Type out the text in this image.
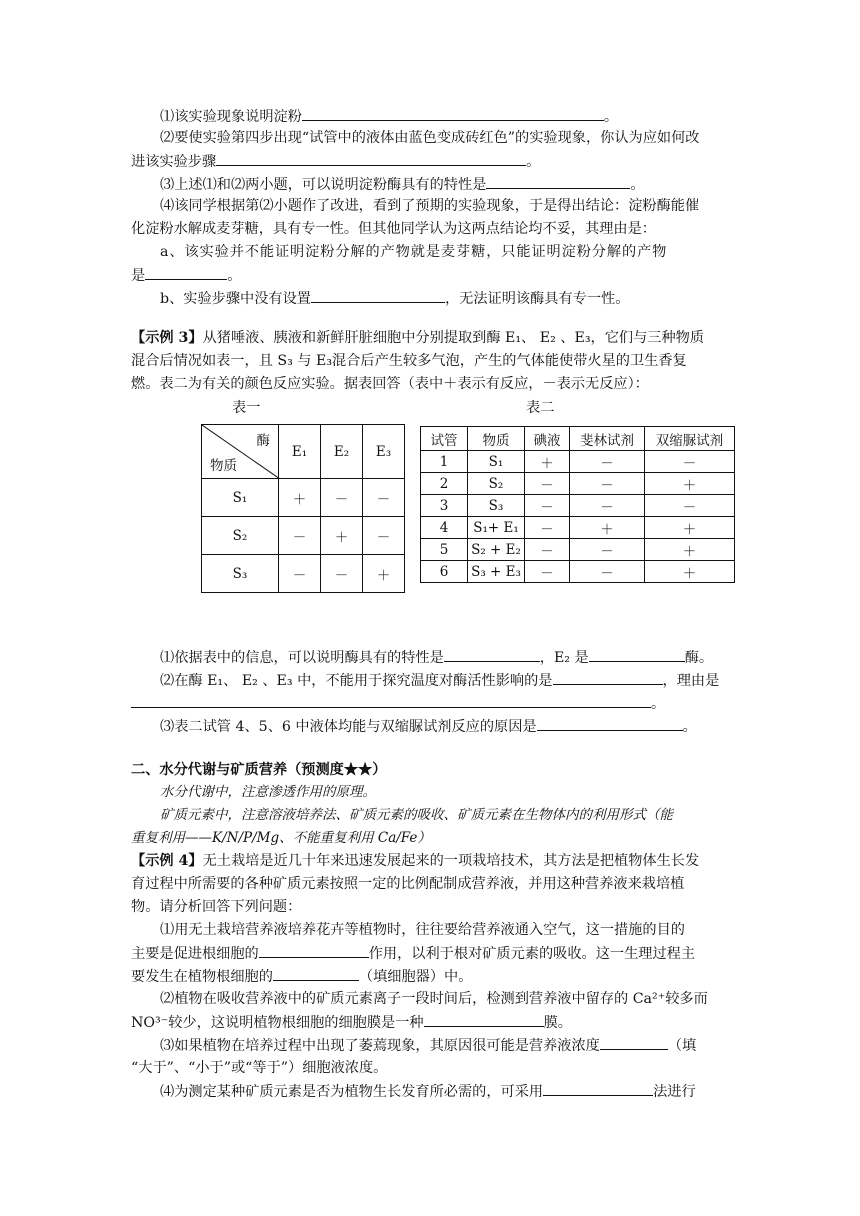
⑴该实验现象说明淀粉	。
⑵要使实验第四步出现“试管中的液体由蓝色变成砖红色”的实验现象，你认为应如何改
进该实验步骤	。
⑶上述⑴和⑵两小题，可以说明淀粉酶具有的特性是	。
⑷该同学根据第⑵小题作了改进，看到了预期的实验现象，于是得出结论：淀粉酶能催
化淀粉水解成麦芽糖，具有专一性。但其他同学认为这两点结论均不妥，其理由是：
a、该实验并不能证明淀粉分解的产物就是麦芽糖，只能证明淀粉分解的产物
是	。
b、实验步骤中没有设置	，无法证明该酶具有专一性。
【示例 3】从猪唾液、胰液和新鲜肝脏细胞中分别提取到酶 E₁、 E₂ 、E₃，它们与三种物质
混合后情况如表一，且 S₃ 与 E₃混合后产生较多气泡，产生的气体能使带火星的卫生香复
燃。表二为有关的颜色反应实验。据表回答（表中＋表示有反应，－表示无反应）：
表一	表二
酶
物质	E₁	E₂	E₃
S₁	＋	－	－
S₂	－	＋	－
S₃	－	－	＋
试管	物质	碘液	斐林试剂	双缩脲试剂
1	S₁	＋	－	－
2	S₂	－	－	＋
3	S₃	－	－	－
4	S₁+ E₁	－	＋	＋
5	S₂ + E₂	－	－	＋
6	S₃ + E₃	－	－	＋
⑴依据表中的信息，可以说明酶具有的特性是	，E₂ 是	酶。
⑵在酶 E₁、 E₂ 、E₃ 中，不能用于探究温度对酶活性影响的是	，理由是
。
⑶表二试管 4、5、6 中液体均能与双缩脲试剂反应的原因是	。
二、水分代谢与矿质营养（预测度★★）
水分代谢中，注意渗透作用的原理。
矿质元素中，注意溶液培养法、矿质元素的吸收、矿质元素在生物体内的利用形式（能
重复利用——K/N/P/Mg、不能重复利用 Ca/Fe）
【示例 4】无土栽培是近几十年来迅速发展起来的一项栽培技术，其方法是把植物体生长发
育过程中所需要的各种矿质元素按照一定的比例配制成营养液，并用这种营养液来栽培植
物。请分析回答下列问题：
⑴用无土栽培营养液培养花卉等植物时，往往要给营养液通入空气，这一措施的目的
主要是促进根细胞的	作用，以利于根对矿质元素的吸收。这一生理过程主
要发生在植物根细胞的	（填细胞器）中。
⑵植物在吸收营养液中的矿质元素离子一段时间后，检测到营养液中留存的 Ca²⁺较多而
NO³⁻较少，这说明植物根细胞的细胞膜是一种	膜。
⑶如果植物在培养过程中出现了萎蔫现象，其原因很可能是营养液浓度	（填
“大于”、“小于”或“等于”）细胞液浓度。
⑷为测定某种矿质元素是否为植物生长发育所必需的，可采用	法进行
